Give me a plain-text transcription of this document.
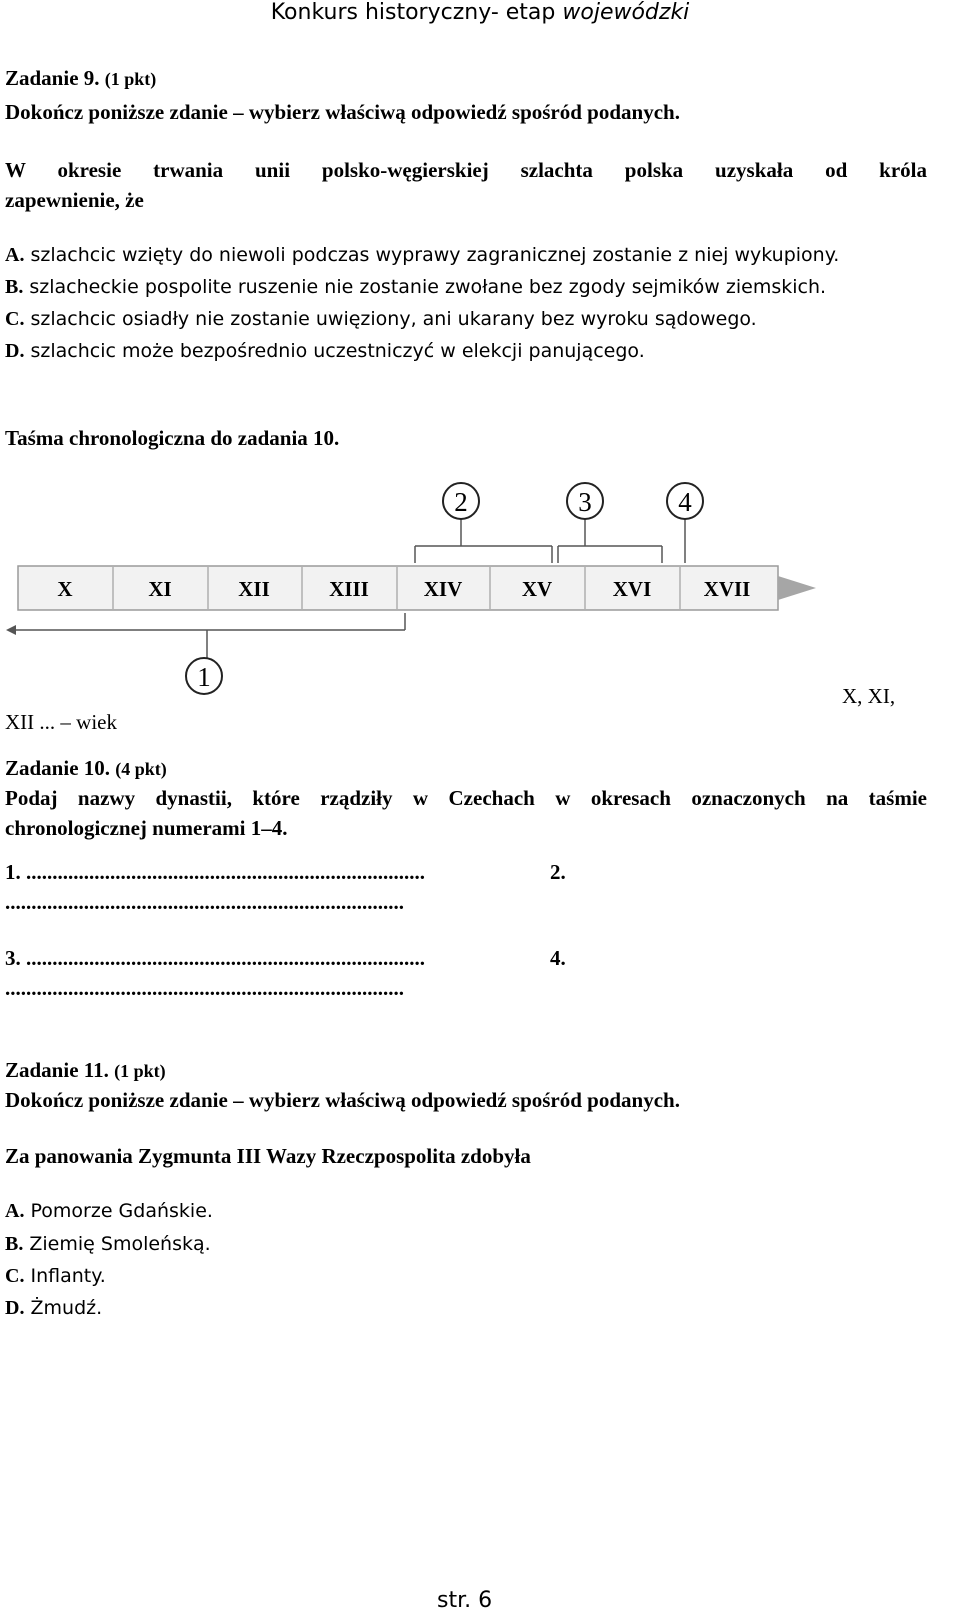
Konkurs historyczny- etap wojewódzki
Zadanie 9. (1 pkt)
Dokończ poniższe zdanie – wybierz właściwą odpowiedź spośród podanych.
W okresie trwania unii polsko-węgierskiej szlachta polska uzyskała od króla
zapewnienie, że
A. szlachcic wzięty do niewoli podczas wyprawy zagranicznej zostanie z niej wykupiony.
B. szlacheckie pospolite ruszenie nie zostanie zwołane bez zgody sejmików ziemskich.
C. szlachcic osiadły nie zostanie uwięziony, ani ukarany bez wyroku sądowego.
D. szlachcic może bezpośrednio uczestniczyć w elekcji panującego.
Taśma chronologiczna do zadania 10.
X	XI	XII	XIII	XIV	XV	XVI XVII
2	3	4
1
XII ... – wiek
X, XI,
Zadanie 10. (4 pkt)
Podaj nazwy dynastii, które rządziły w Czechach w okresach oznaczonych na taśmie
chronologicznej numerami 1–4.
1. ............................................................................	2.
............................................................................
3. ............................................................................	4.
............................................................................
Zadanie 11. (1 pkt)
Dokończ poniższe zdanie – wybierz właściwą odpowiedź spośród podanych.
Za panowania Zygmunta III Wazy Rzeczpospolita zdobyła
A. Pomorze Gdańskie.
B. Ziemię Smoleńską.
C. Inflanty.
D. Żmudź.
str. 6
